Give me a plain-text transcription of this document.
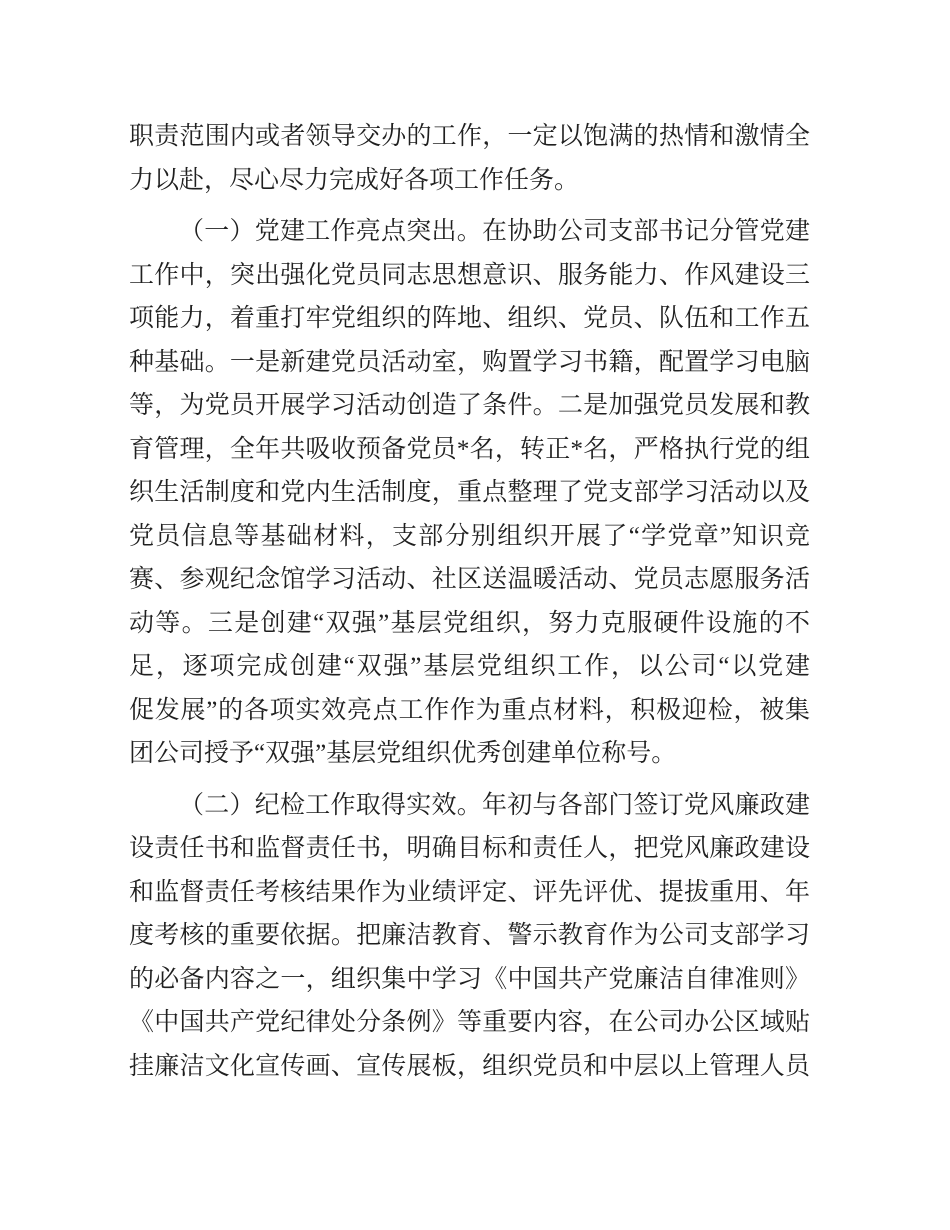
职责范围内或者领导交办的工作，一定以饱满的热情和激情全
力以赴，尽心尽力完成好各项工作任务。
（一）党建工作亮点突出。在协助公司支部书记分管党建
工作中，突出强化党员同志思想意识、服务能力、作风建设三
项能力，着重打牢党组织的阵地、组织、党员、队伍和工作五
种基础。一是新建党员活动室，购置学习书籍，配置学习电脑
等，为党员开展学习活动创造了条件。二是加强党员发展和教
育管理，全年共吸收预备党员*名，转正*名，严格执行党的组
织生活制度和党内生活制度，重点整理了党支部学习活动以及
党员信息等基础材料，支部分别组织开展了“学党章”知识竞
赛、参观纪念馆学习活动、社区送温暖活动、党员志愿服务活
动等。三是创建“双强”基层党组织，努力克服硬件设施的不
足，逐项完成创建“双强”基层党组织工作，以公司“以党建
促发展”的各项实效亮点工作作为重点材料，积极迎检，被集
团公司授予“双强”基层党组织优秀创建单位称号。
（二）纪检工作取得实效。年初与各部门签订党风廉政建
设责任书和监督责任书，明确目标和责任人，把党风廉政建设
和监督责任考核结果作为业绩评定、评先评优、提拔重用、年
度考核的重要依据。把廉洁教育、警示教育作为公司支部学习
的必备内容之一，组织集中学习《中国共产党廉洁自律准则》
《中国共产党纪律处分条例》等重要内容，在公司办公区域贴
挂廉洁文化宣传画、宣传展板，组织党员和中层以上管理人员
